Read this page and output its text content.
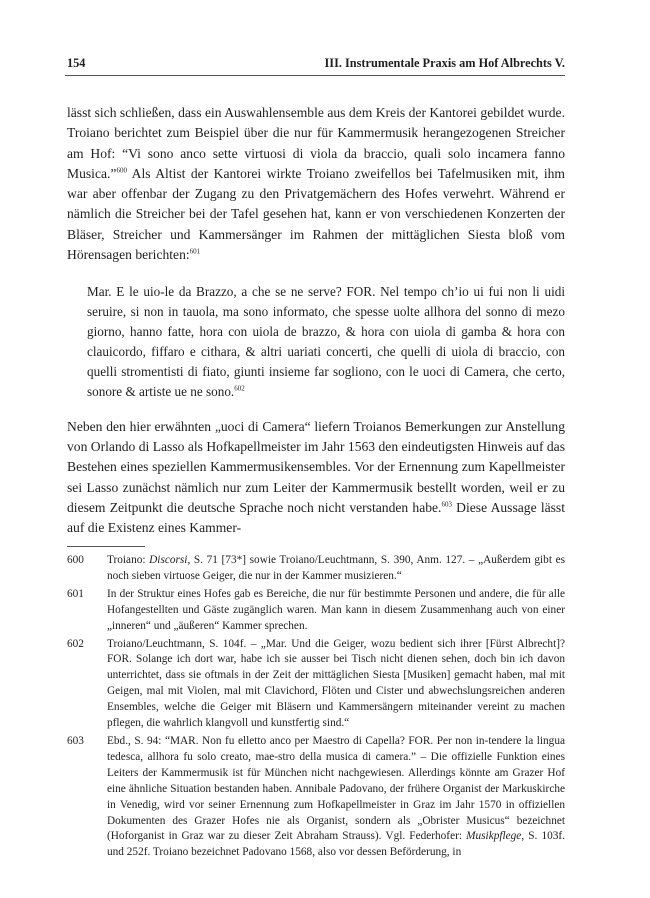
154	III. Instrumentale Praxis am Hof Albrechts V.

lässt sich schließen, dass ein Auswahlensemble aus dem Kreis der Kantorei gebildet wurde. Troiano berichtet zum Beispiel über die nur für Kammermusik herangezogenen Streicher am Hof: “Vi sono anco sette virtuosi di viola da braccio, quali solo incamera fanno Musica.”$^{600}$ Als Altist der Kantorei wirkte Troiano zweifellos bei Tafelmusiken mit, ihm war aber offenbar der Zugang zu den Privatgemächern des Hofes verwehrt. Während er nämlich die Streicher bei der Tafel gesehen hat, kann er von verschiedenen Konzerten der Bläser, Streicher und Kammersänger im Rahmen der mittäglichen Siesta bloß vom Hörensagen berichten:$^{601}$

Mar. E le uio-le da Brazzo, a che se ne serve? FOR. Nel tempo ch’io ui fui non li uidi seruire, si non in tauola, ma sono informato, che spesse uolte allhora del sonno di mezo giorno, hanno fatte, hora con uiola de brazzo, & hora con uiola di gamba & hora con clauicordo, fiffaro e cithara, & altri uariati concerti, che quelli di uiola di braccio, con quelli stromentisti di fiato, giunti insieme far sogliono, con le uoci di Camera, che certo, sonore & artiste ue ne sono.$^{602}$

Neben den hier erwähnten „uoci di Camera“ liefern Troianos Bemerkungen zur Anstellung von Orlando di Lasso als Hofkapellmeister im Jahr 1563 den eindeutigsten Hinweis auf das Bestehen eines speziellen Kammermusikensembles. Vor der Ernennung zum Kapellmeister sei Lasso zunächst nämlich nur zum Leiter der Kammermusik bestellt worden, weil er zu diesem Zeitpunkt die deutsche Sprache noch nicht verstanden habe.$^{603}$ Diese Aussage lässt auf die Existenz eines Kammer-

600	Troiano: Discorsi, S. 71 [73*] sowie Troiano/Leuchtmann, S. 390, Anm. 127. – „Außerdem gibt es noch sieben virtuose Geiger, die nur in der Kammer musizieren.“
601	In der Struktur eines Hofes gab es Bereiche, die nur für bestimmte Personen und andere, die für alle Hofangestellten und Gäste zugänglich waren. Man kann in diesem Zusammenhang auch von einer „inneren“ und „äußeren“ Kammer sprechen.
602	Troiano/Leuchtmann, S. 104f. – „Mar. Und die Geiger, wozu bedient sich ihrer [Fürst Albrecht]? FOR. Solange ich dort war, habe ich sie ausser bei Tisch nicht dienen sehen, doch bin ich davon unterrichtet, dass sie oftmals in der Zeit der mittäglichen Siesta [Musiken] gemacht haben, mal mit Geigen, mal mit Violen, mal mit Clavichord, Flöten und Cister und abwechslungsreichen anderen Ensembles, welche die Geiger mit Bläsern und Kammersängern miteinander vereint zu machen pflegen, die wahrlich klangvoll und kunstfertig sind.“
603	Ebd., S. 94: “MAR. Non fu elletto anco per Maestro di Capella? FOR. Per non in-tendere la lingua tedesca, allhora fu solo creato, mae-stro della musica di camera.” – Die offizielle Funktion eines Leiters der Kammermusik ist für München nicht nachgewiesen. Allerdings könnte am Grazer Hof eine ähnliche Situation bestanden haben. Annibale Padovano, der frühere Organist der Markuskirche in Venedig, wird vor seiner Ernennung zum Hofkapellmeister in Graz im Jahr 1570 in offiziellen Dokumenten des Grazer Hofes nie als Organist, sondern als „Obrister Musicus“ bezeichnet (Hoforganist in Graz war zu dieser Zeit Abraham Strauss). Vgl. Federhofer: Musikpflege, S. 103f. und 252f. Troiano bezeichnet Padovano 1568, also vor dessen Beförderung, in
